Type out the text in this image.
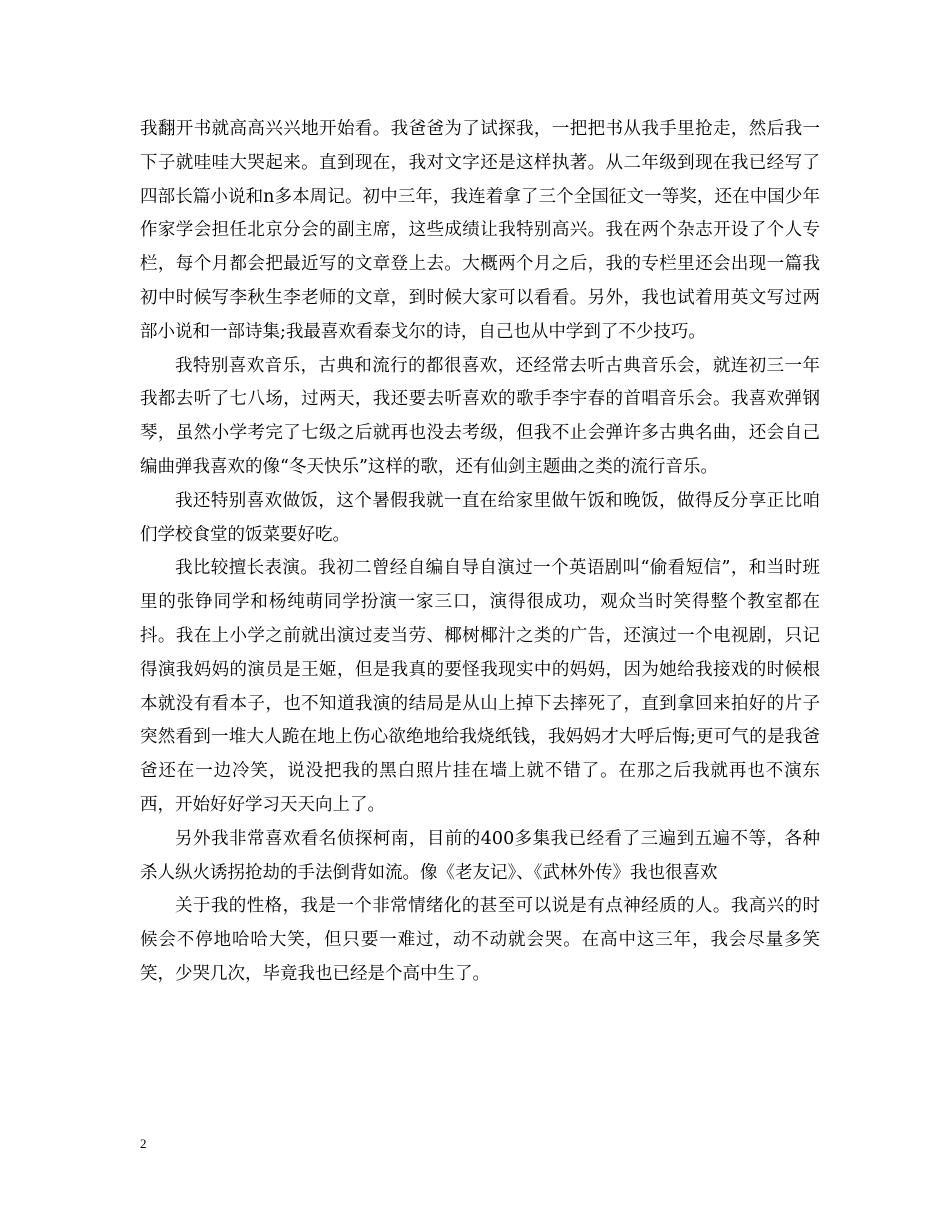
我翻开书就高高兴兴地开始看。我爸爸为了试探我，一把把书从我手里抢走，然后我一下子就哇哇大哭起来。直到现在，我对文字还是这样执著。从二年级到现在我已经写了四部长篇小说和n多本周记。初中三年，我连着拿了三个全国征文一等奖，还在中国少年作家学会担任北京分会的副主席，这些成绩让我特别高兴。我在两个杂志开设了个人专栏，每个月都会把最近写的文章登上去。大概两个月之后，我的专栏里还会出现一篇我初中时候写李秋生李老师的文章，到时候大家可以看看。另外，我也试着用英文写过两部小说和一部诗集;我最喜欢看泰戈尔的诗，自己也从中学到了不少技巧。

我特别喜欢音乐，古典和流行的都很喜欢，还经常去听古典音乐会，就连初三一年我都去听了七八场，过两天，我还要去听喜欢的歌手李宇春的首唱音乐会。我喜欢弹钢琴，虽然小学考完了七级之后就再也没去考级，但我不止会弹许多古典名曲，还会自己编曲弹我喜欢的像“冬天快乐”这样的歌，还有仙剑主题曲之类的流行音乐。

我还特别喜欢做饭，这个暑假我就一直在给家里做午饭和晚饭，做得反分享正比咱们学校食堂的饭菜要好吃。

我比较擅长表演。我初二曾经自编自导自演过一个英语剧叫“偷看短信”，和当时班里的张铮同学和杨纯萌同学扮演一家三口，演得很成功，观众当时笑得整个教室都在抖。我在上小学之前就出演过麦当劳、椰树椰汁之类的广告，还演过一个电视剧，只记得演我妈妈的演员是王姬，但是我真的要怪我现实中的妈妈，因为她给我接戏的时候根本就没有看本子，也不知道我演的结局是从山上掉下去摔死了，直到拿回来拍好的片子突然看到一堆大人跪在地上伤心欲绝地给我烧纸钱，我妈妈才大呼后悔;更可气的是我爸爸还在一边冷笑，说没把我的黑白照片挂在墙上就不错了。在那之后我就再也不演东西，开始好好学习天天向上了。

另外我非常喜欢看名侦探柯南，目前的400多集我已经看了三遍到五遍不等，各种杀人纵火诱拐抢劫的手法倒背如流。像《老友记》、《武林外传》我也很喜欢

关于我的性格，我是一个非常情绪化的甚至可以说是有点神经质的人。我高兴的时候会不停地哈哈大笑，但只要一难过，动不动就会哭。在高中这三年，我会尽量多笑笑，少哭几次，毕竟我也已经是个高中生了。

2
